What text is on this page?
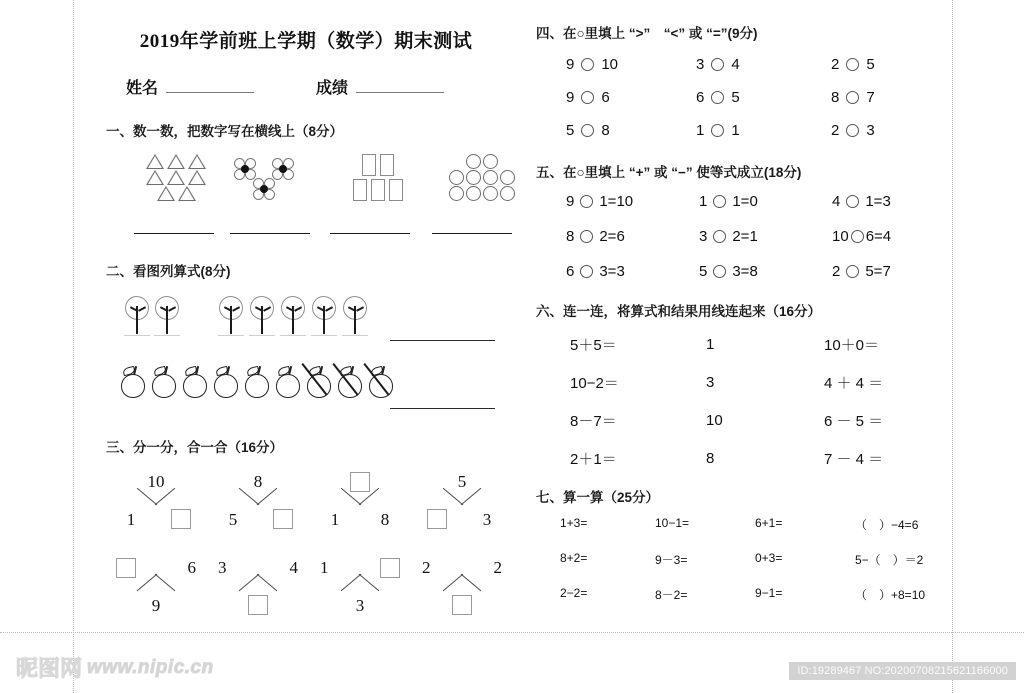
2019年学前班上学期（数学）期末测试
姓名	成绩

一、数一数，把数字写在横线上（8分）

二、看图列算式(8分)

三、分一分，合一合（16分）

10
1
8
5	1	8
5
3
6
9
3	4 1
3
2	2

四、在○里填上 “>”　“<” 或 “=”(9分)

9 10	3 4	2 5
9 6	6 5	8 7
5 8	1 1	2 3

五、在○里填上 “+” 或 “−” 使等式成立(18分)

9 1=10	1 1=0	4 1=3
8 2=6	3 2=1	10 6=4
6 3=3	5 3=8	2 5=7

六、连一连，将算式和结果用线连起来（16分）

5＋5＝	1	10＋0＝
10−2＝	3	4 ＋ 4 ＝
8－7＝	10	6 － 5 ＝
2＋1＝	8	7 － 4 ＝

七、算一算（25分）

1+3=	10−1=	6+1=	（　）−4=6
8+2=	9－3=	0+3=	5−（　）＝2
2−2=	8－2=	9−1=	（　）+8=10
昵图网 www.nipic.cn	ID:19289467 NO:20200708215621166000
